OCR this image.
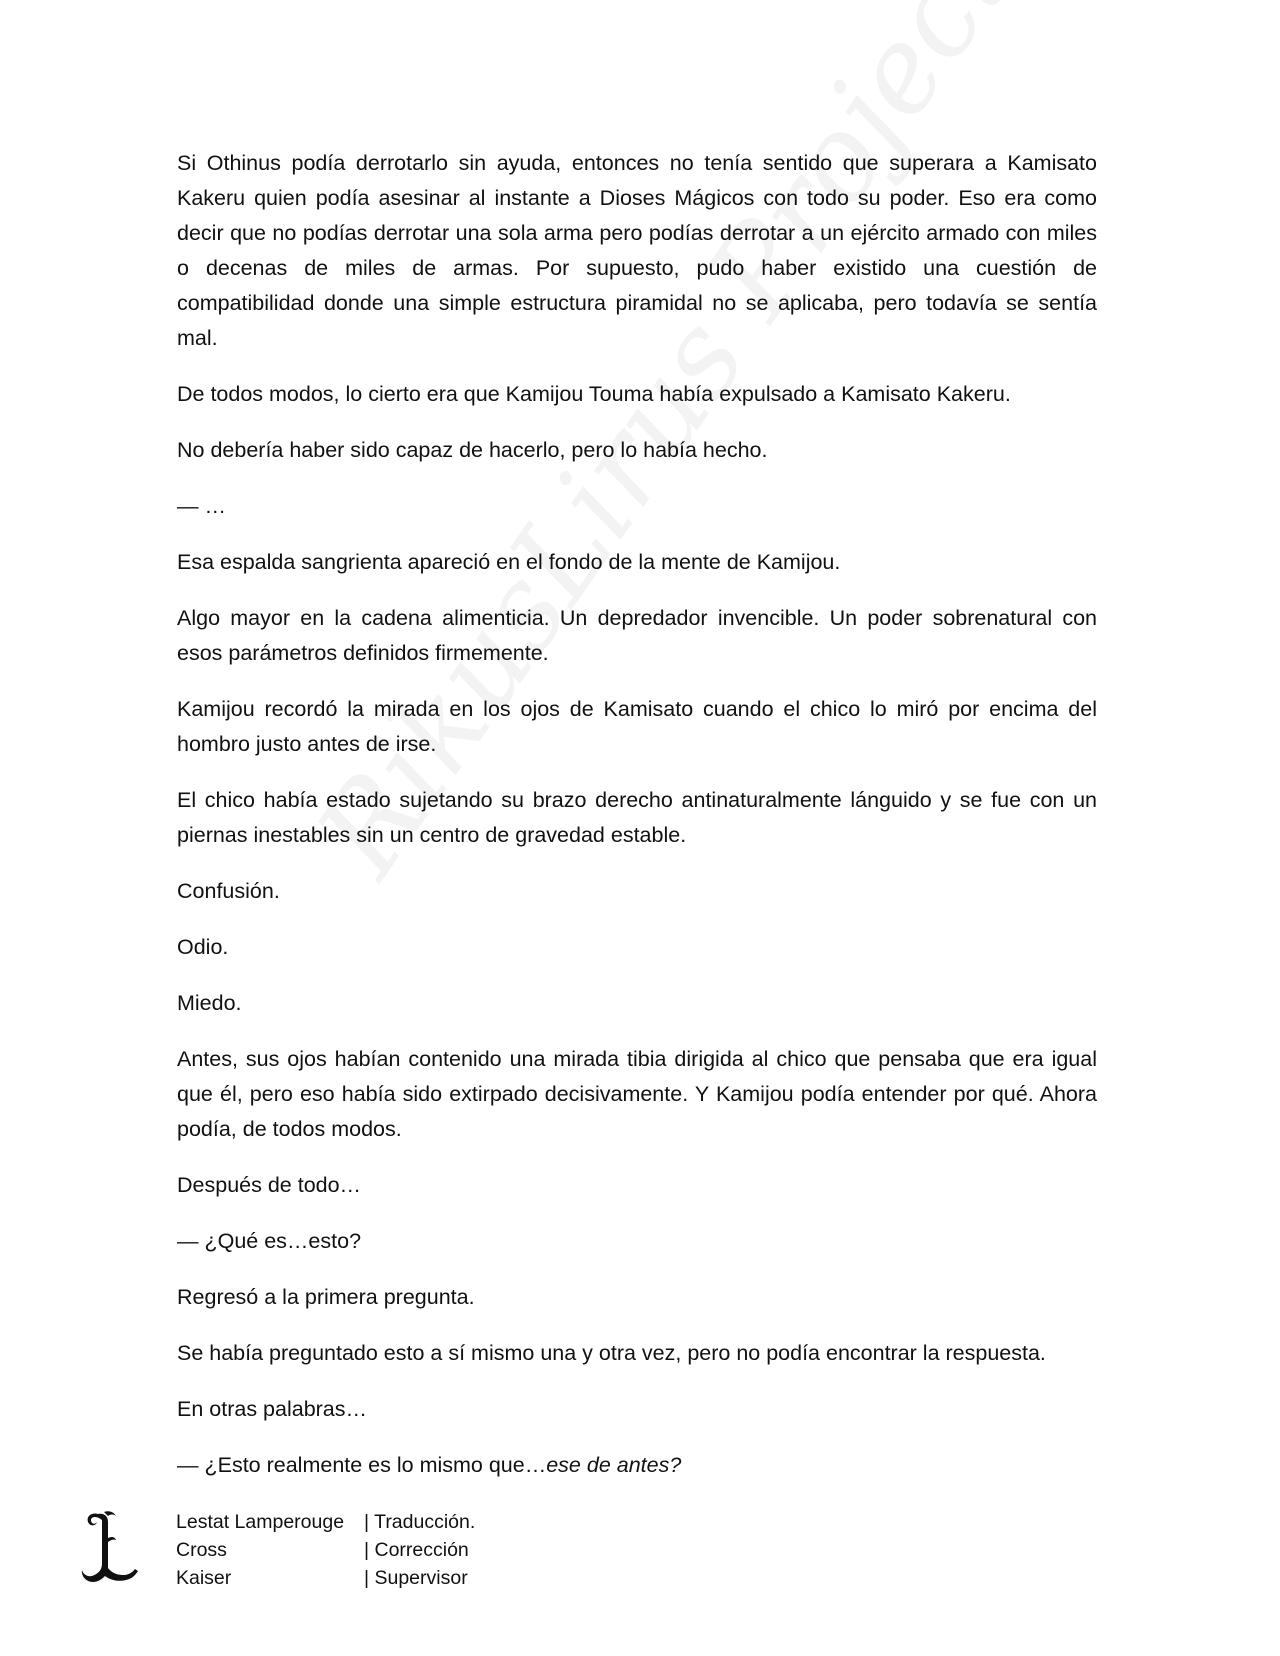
Si Othinus podía derrotarlo sin ayuda, entonces no tenía sentido que superara a Kamisato Kakeru quien podía asesinar al instante a Dioses Mágicos con todo su poder. Eso era como decir que no podías derrotar una sola arma pero podías derrotar a un ejército armado con miles o decenas de miles de armas. Por supuesto, pudo haber existido una cuestión de compatibilidad donde una simple estructura piramidal no se aplicaba, pero todavía se sentía mal.

De todos modos, lo cierto era que Kamijou Touma había expulsado a Kamisato Kakeru.

No debería haber sido capaz de hacerlo, pero lo había hecho.

— …

Esa espalda sangrienta apareció en el fondo de la mente de Kamijou.

Algo mayor en la cadena alimenticia. Un depredador invencible. Un poder sobrenatural con esos parámetros definidos firmemente.

Kamijou recordó la mirada en los ojos de Kamisato cuando el chico lo miró por encima del hombro justo antes de irse.

El chico había estado sujetando su brazo derecho antinaturalmente lánguido y se fue con un piernas inestables sin un centro de gravedad estable.

Confusión.

Odio.

Miedo.

Antes, sus ojos habían contenido una mirada tibia dirigida al chico que pensaba que era igual que él, pero eso había sido extirpado decisivamente. Y Kamijou podía entender por qué. Ahora podía, de todos modos.

Después de todo…

— ¿Qué es…esto?

Regresó a la primera pregunta.

Se había preguntado esto a sí mismo una y otra vez, pero no podía encontrar la respuesta.

En otras palabras…

— ¿Esto realmente es lo mismo que…ese de antes?

Lestat Lamperouge	| Traducción.
Cross	| Corrección
Kaiser	| Supervisor
